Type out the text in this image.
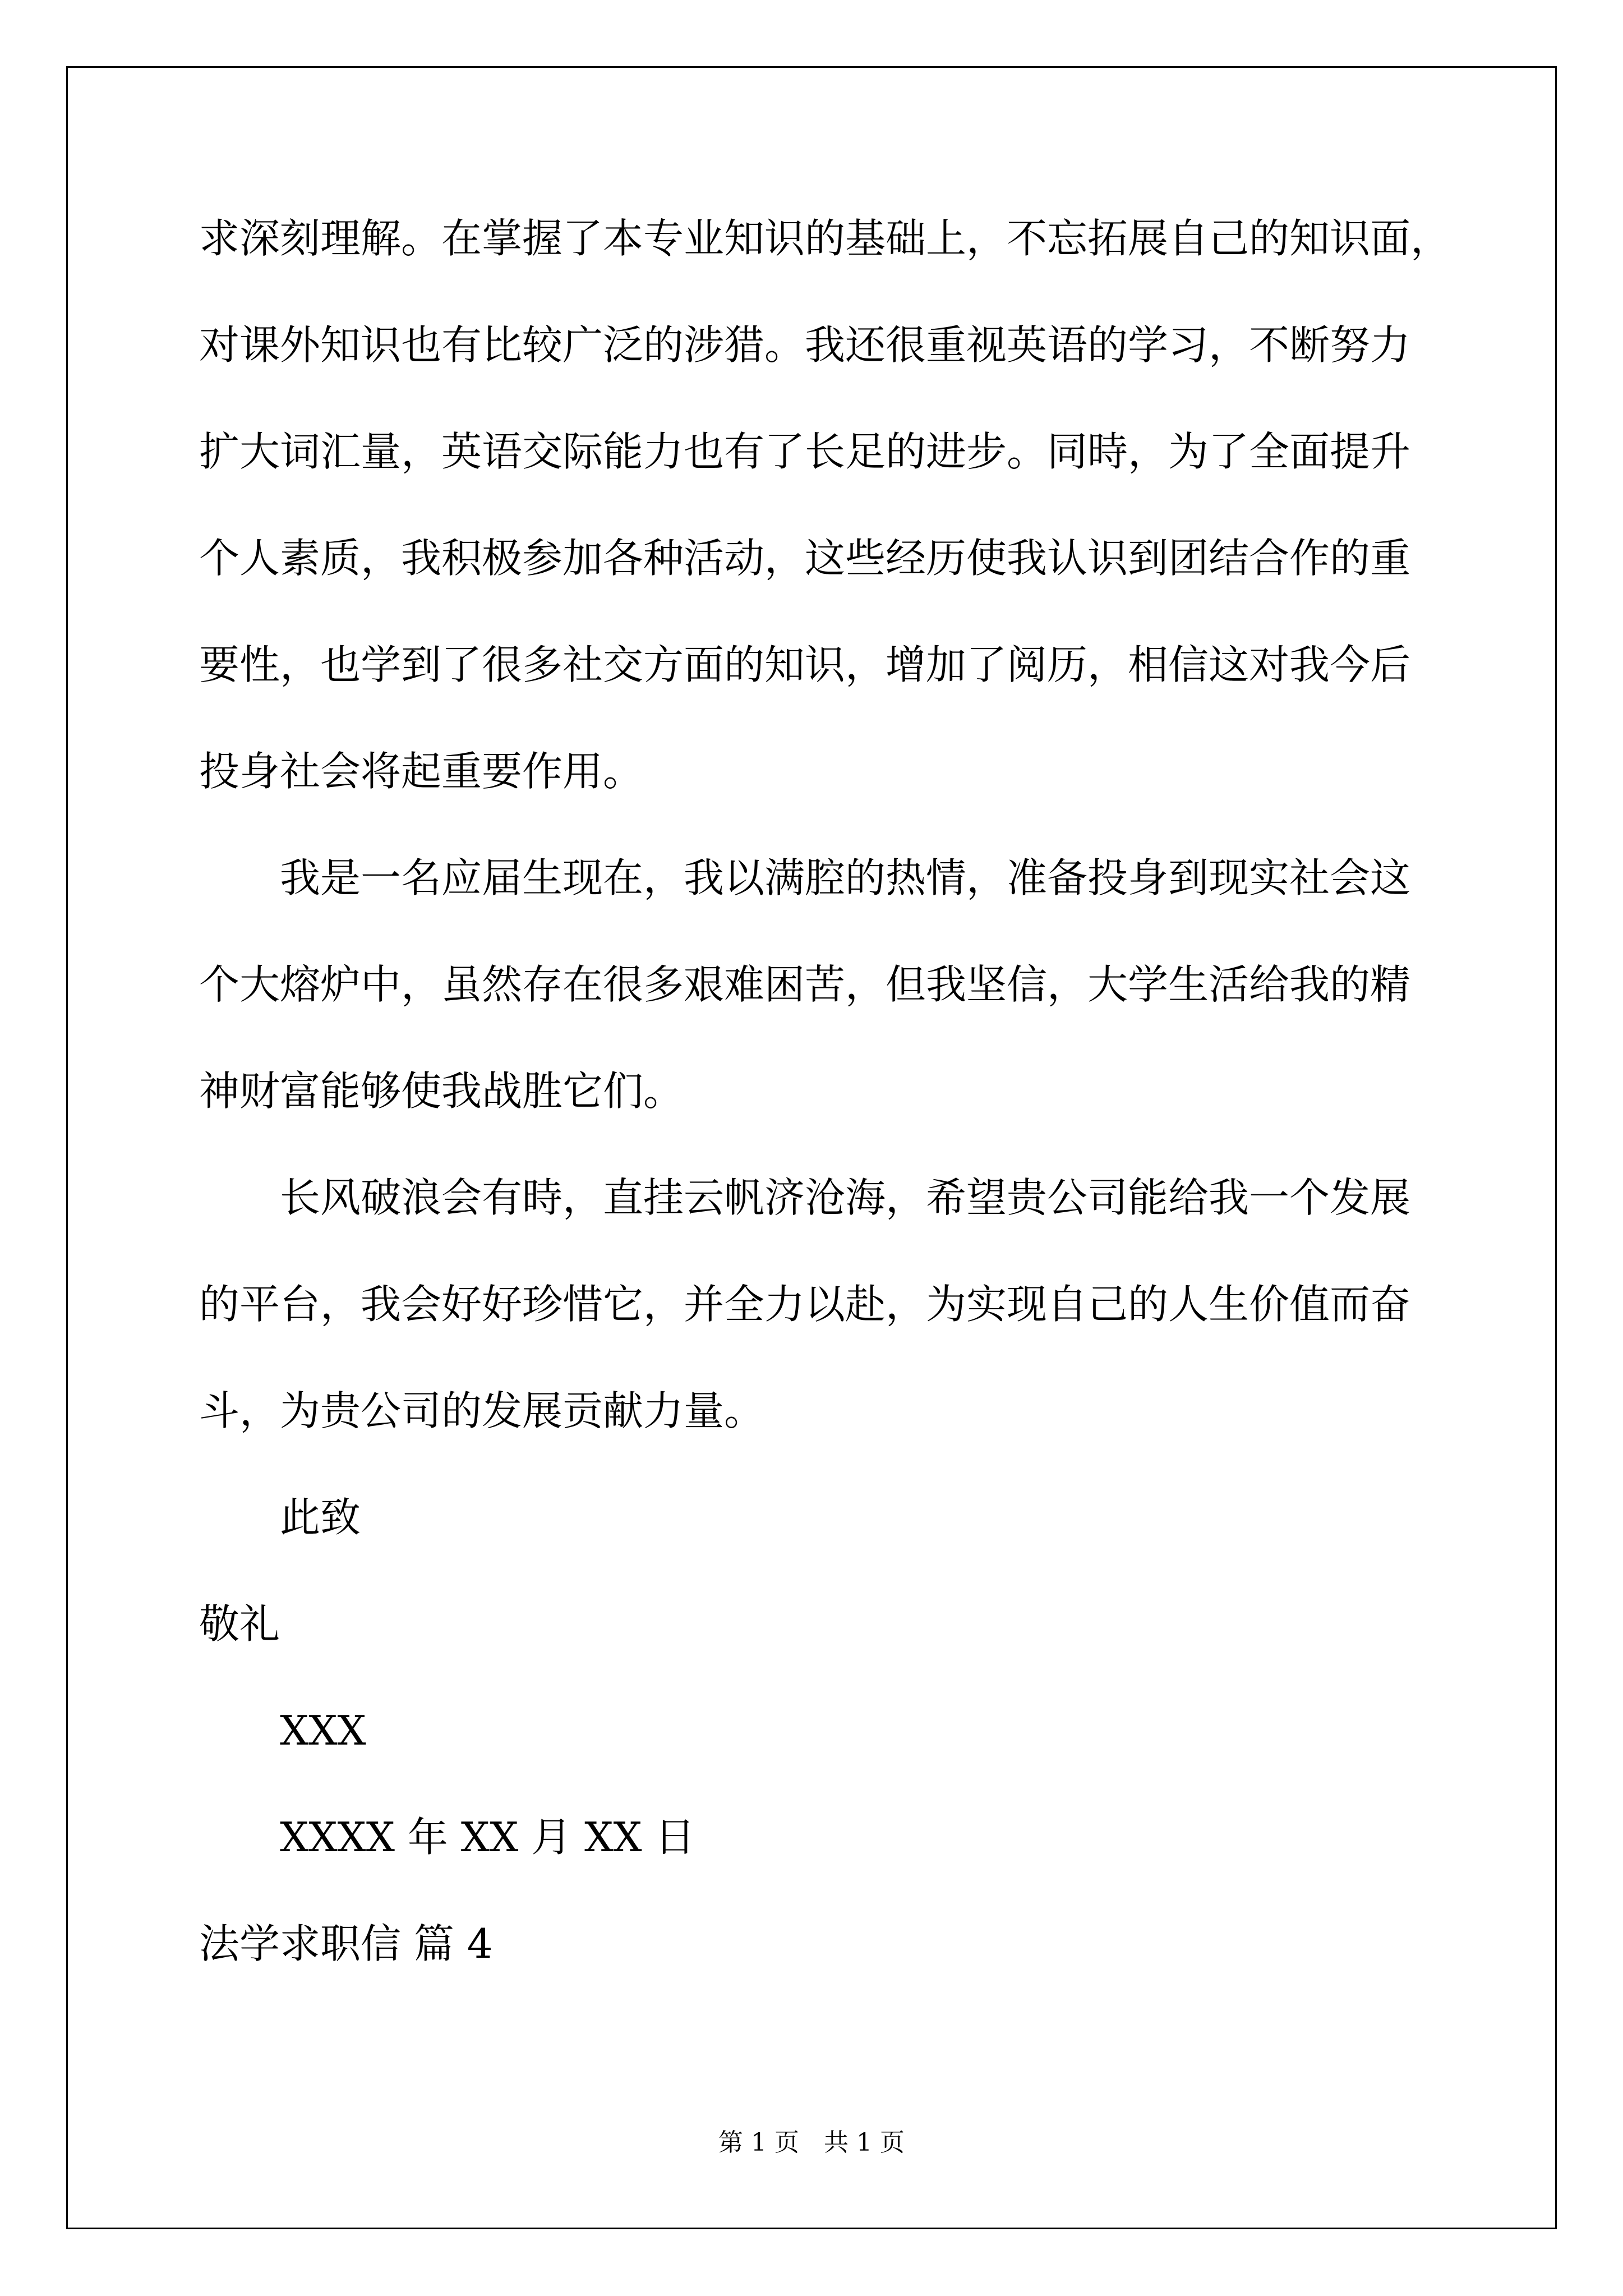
求深刻理解。在掌握了本专业知识的基础上，不忘拓展自己的知识面，
对课外知识也有比较广泛的涉猎。我还很重视英语的学习，不断努力
扩大词汇量，英语交际能力也有了长足的进步。同時，为了全面提升
个人素质，我积极参加各种活动，这些经历使我认识到团结合作的重
要性，也学到了很多社交方面的知识，增加了阅历，相信这对我今后
投身社会将起重要作用。
我是一名应届生现在，我以满腔的热情，准备投身到现实社会这
个大熔炉中，虽然存在很多艰难困苦，但我坚信，大学生活给我的精
神财富能够使我战胜它们。
长风破浪会有時，直挂云帆济沧海，希望贵公司能给我一个发展
的平台，我会好好珍惜它，并全力以赴，为实现自己的人生价值而奋
斗，为贵公司的发展贡献力量。
此致
敬礼
XXX
XXXX 年 XX 月 XX 日
法学求职信 篇 4
第 1 页　共 1 页
